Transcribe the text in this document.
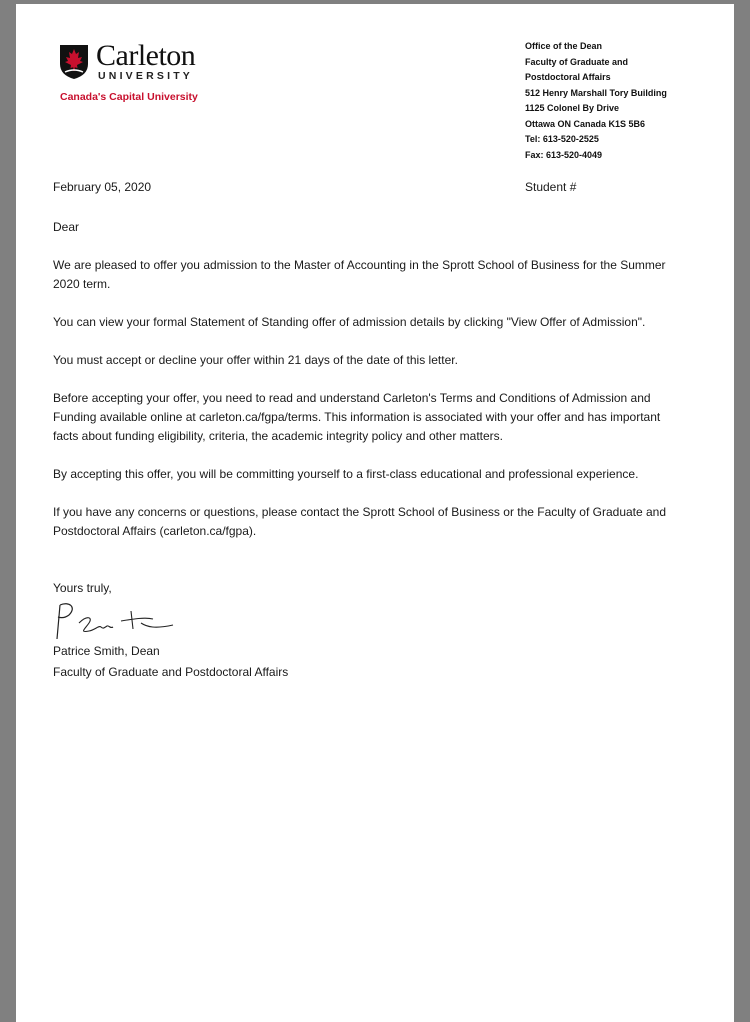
Carleton
UNIVERSITY
Canada's Capital University
Office of the Dean
Faculty of Graduate and
Postdoctoral Affairs
512 Henry Marshall Tory Building
1125 Colonel By Drive
Ottawa ON Canada K1S 5B6
Tel: 613-520-2525
Fax: 613-520-4049
February 05, 2020	Student #

Dear

We are pleased to offer you admission to the Master of Accounting in the Sprott School of Business for the Summer 2020 term.

You can view your formal Statement of Standing offer of admission details by clicking "View Offer of Admission".

You must accept or decline your offer within 21 days of the date of this letter.

Before accepting your offer, you need to read and understand Carleton's Terms and Conditions of Admission and Funding available online at carleton.ca/fgpa/terms. This information is associated with your offer and has important facts about funding eligibility, criteria, the academic integrity policy and other matters.

By accepting this offer, you will be committing yourself to a first-class educational and professional experience.

If you have any concerns or questions, please contact the Sprott School of Business or the Faculty of Graduate and Postdoctoral Affairs (carleton.ca/fgpa).

Yours truly,
Patrice Smith, Dean
Faculty of Graduate and Postdoctoral Affairs
